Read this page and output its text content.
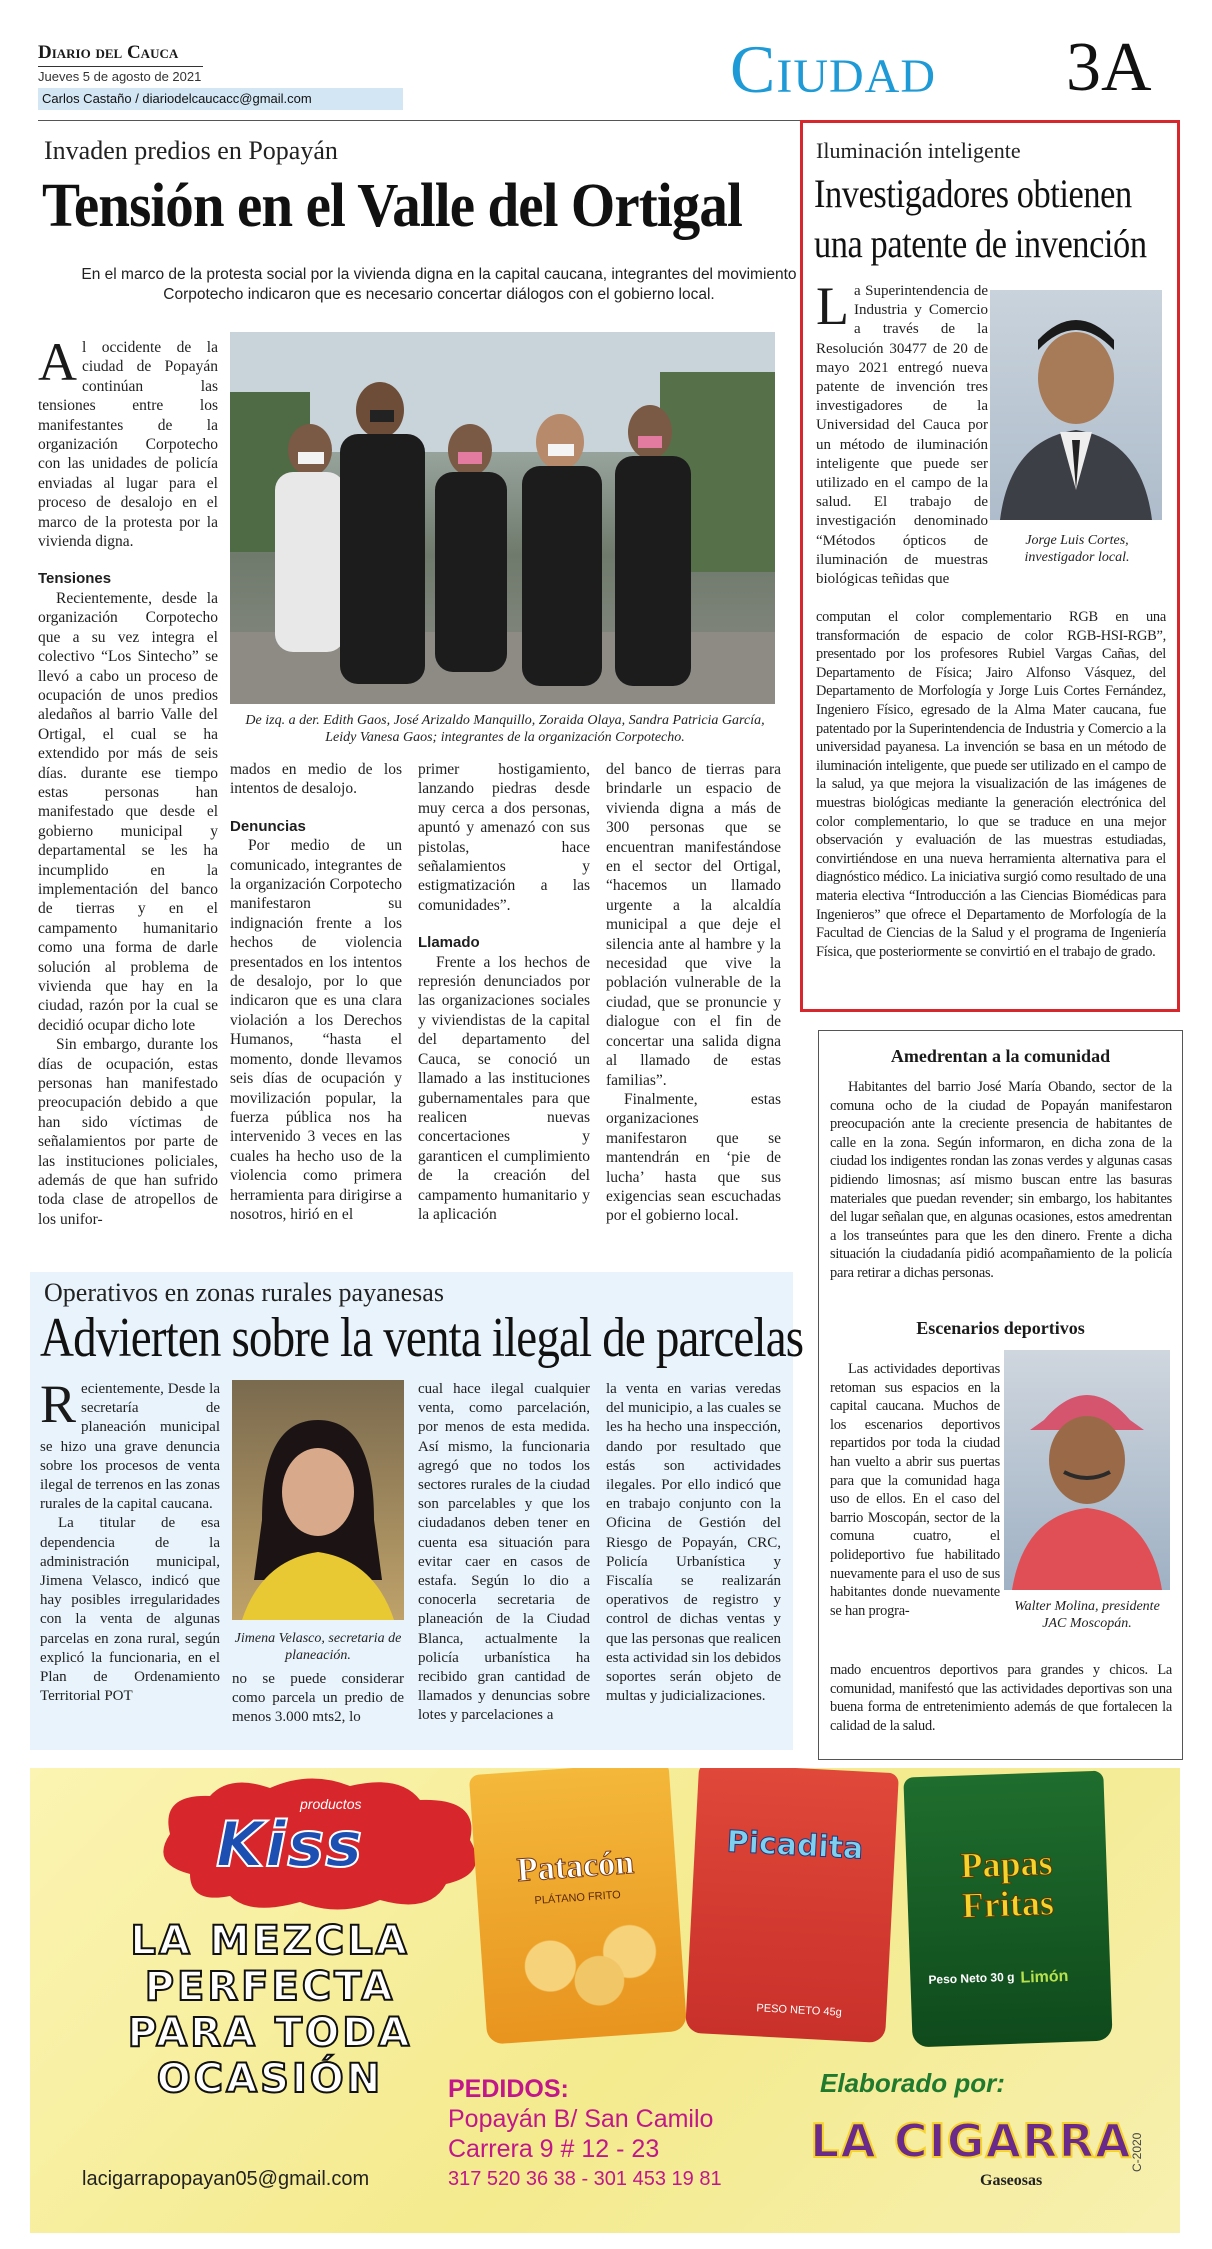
Diario del Cauca
Jueves 5 de agosto de 2021
Carlos Castaño / diariodelcaucacc@gmail.com	Ciudad 3A
Invaden predios en Popayán
Tensión en el Valle del Ortigal
En el marco de la protesta social por la vivienda digna en la capital caucana, integrantes del movimiento Corpotecho indicaron que es necesario concertar diálogos con el gobierno local.

Al occidente de la ciudad de Popayán continúan las tensiones entre los manifestantes de la organización Corpotecho con las unidades de policía enviadas al lugar para el proceso de desalojo en el marco de la protesta por la vivienda digna.

Tensiones

Recientemente, desde la organización Corpotecho que a su vez integra el colectivo “Los Sintecho” se llevó a cabo un proceso de ocupación de unos predios aledaños al barrio Valle del Ortigal, el cual se ha extendido por más de seis días. durante ese tiempo estas personas han manifestado que desde el gobierno municipal y departamental se les ha incumplido en la implementación del banco de tierras y en el campamento humanitario como una forma de darle solución al problema de vivienda que hay en la ciudad, razón por la cual se decidió ocupar dicho lote

Sin embargo, durante los días de ocupación, estas personas han manifestado preocupación debido a que han sido víctimas de señalamientos por parte de las instituciones policiales, además de que han sufrido toda clase de atropellos de los unifor-

De izq. a der. Edith Gaos, José Arizaldo Manquillo, Zoraida Olaya, Sandra Patricia García, Leidy Vanesa Gaos; integrantes de la organización Corpotecho.

mados en medio de los intentos de desalojo.

Denuncias

Por medio de un comunicado, integrantes de la organización Corpotecho manifestaron su indignación frente a los hechos de violencia presentados en los intentos de desalojo, por lo que indicaron que es una clara violación a los Derechos Humanos, “hasta el momento, donde llevamos seis días de ocupación y movilización popular, la fuerza pública nos ha intervenido 3 veces en las cuales ha hecho uso de la violencia como primera herramienta para dirigirse a nosotros, hirió en el

primer hostigamiento, lanzando piedras desde muy cerca a dos personas, apuntó y amenazó con sus pistolas, hace señalamientos y estigmatización a las comunidades”.

Llamado

Frente a los hechos de represión denunciados por las organizaciones sociales y viviendistas de la capital del departamento del Cauca, se conoció un llamado a las instituciones gubernamentales para que realicen nuevas concertaciones y garanticen el cumplimiento de la creación del campamento humanitario y la aplicación

del banco de tierras para brindarle un espacio de vivienda digna a más de 300 personas que se encuentran manifestándose en el sector del Ortigal, “hacemos un llamado urgente a la alcaldía municipal a que deje el silencia ante al hambre y la necesidad que vive la población vulnerable de la ciudad, que se pronuncie y dialogue con el fin de concertar una salida digna al llamado de estas familias”.

Finalmente, estas organizaciones manifestaron que se mantendrán en ‘pie de lucha’ hasta que sus exigencias sean escuchadas por el gobierno local.

Iluminación inteligente
Investigadores obtienen
una patente de invención

La Superintendencia de Industria y Comercio a través de la Resolución 30477 de 20 de mayo 2021 entregó nueva patente de invención tres investigadores de la Universidad del Cauca por un método de iluminación inteligente que puede ser utilizado en el campo de la salud. El trabajo de investigación denominado “Métodos ópticos de iluminación de muestras biológicas teñidas que

Jorge Luis Cortes, investigador local.

computan el color complementario RGB en una transformación de espacio de color RGB-HSI-RGB”, presentado por los profesores Rubiel Vargas Cañas, del Departamento de Física; Jairo Alfonso Vásquez, del Departamento de Morfología y Jorge Luis Cortes Fernández, Ingeniero Físico, egresado de la Alma Mater caucana, fue patentado por la Superintendencia de Industria y Comercio a la universidad payanesa. La invención se basa en un método de iluminación inteligente, que puede ser utilizado en el campo de la salud, ya que mejora la visualización de las imágenes de muestras biológicas mediante la generación electrónica del color complementario, lo que se traduce en una mejor observación y evaluación de las muestras estudiadas, convirtiéndose en una nueva herramienta alternativa para el diagnóstico médico. La iniciativa surgió como resultado de una materia electiva “Introducción a las Ciencias Biomédicas para Ingenieros” que ofrece el Departamento de Morfología de la Facultad de Ciencias de la Salud y el programa de Ingeniería Física, que posteriormente se convirtió en el trabajo de grado.

Amedrentan a la comunidad

Habitantes del barrio José María Obando, sector de la comuna ocho de la ciudad de Popayán manifestaron preocupación ante la creciente presencia de habitantes de calle en la zona. Según informaron, en dicha zona de la ciudad los indigentes rondan las zonas verdes y algunas casas pidiendo limosnas; así mismo buscan entre las basuras materiales que puedan revender; sin embargo, los habitantes del lugar señalan que, en algunas ocasiones, estos amedrentan a los transeúntes para que les den dinero. Frente a dicha situación la ciudadanía pidió acompañamiento de la policía para retirar a dichas personas.

Escenarios deportivos

Las actividades deportivas retoman sus espacios en la capital caucana. Muchos de los escenarios deportivos repartidos por toda la ciudad han vuelto a abrir sus puertas para que la comunidad haga uso de ellos. En el caso del barrio Moscopán, sector de la comuna cuatro, el polideportivo fue habilitado nuevamente para el uso de sus habitantes donde nuevamente se han progra-	Walter Molina, presidente JAC Moscopán.

mado encuentros deportivos para grandes y chicos. La comunidad, manifestó que las actividades deportivas son una buena forma de entretenimiento además de que fortalecen la calidad de la salud.

Operativos en zonas rurales payanesas
Advierten sobre la venta ilegal de parcelas

Recientemente, Desde la secretaría de planeación municipal se hizo una grave denuncia sobre los procesos de venta ilegal de terrenos en las zonas rurales de la capital caucana.

La titular de esa dependencia de la administración municipal, Jimena Velasco, indicó que hay posibles irregularidades con la venta de algunas parcelas en zona rural, según explicó la funcionaria, en el Plan de Ordenamiento Territorial POT

Jimena Velasco, secretaria de planeación.

no se puede considerar como parcela un predio de menos 3.000 mts2, lo

cual hace ilegal cualquier venta, como parcelación, por menos de esta medida. Así mismo, la funcionaria agregó que no todos los sectores rurales de la ciudad son parcelables y que los ciudadanos deben tener en cuenta esa situación para evitar caer en casos de estafa. Según lo dio a conocerla secretaria de planeación de la Ciudad Blanca, actualmente la policía urbanística ha recibido gran cantidad de llamados y denuncias sobre lotes y parcelaciones a

la venta en varias veredas del municipio, a las cuales se les ha hecho una inspección, dando por resultado que estás son actividades ilegales. Por ello indicó que en trabajo conjunto con la Oficina de Gestión del Riesgo de Popayán, CRC, Policía Urbanística y Fiscalía se realizarán operativos de registro y control de dichas ventas y que las personas que realicen esta actividad sin los debidos soportes serán objeto de multas y judicializaciones.

productos
Kiss
LA MEZCLA
PERFECTA
PARA TODA
OCASIÓN
Patacón
PLÁTANO FRITO
Picadita
PESO NETO 45g
Papas Fritas
Peso Neto 30 g Limón
PEDIDOS:
Popayán B/ San Camilo
Carrera 9 # 12 - 23
317 520 36 38 - 301 453 19 81
lacigarrapopayan05@gmail.com
Elaborado por:
LA CIGARRA
Gaseosas
C-2020
